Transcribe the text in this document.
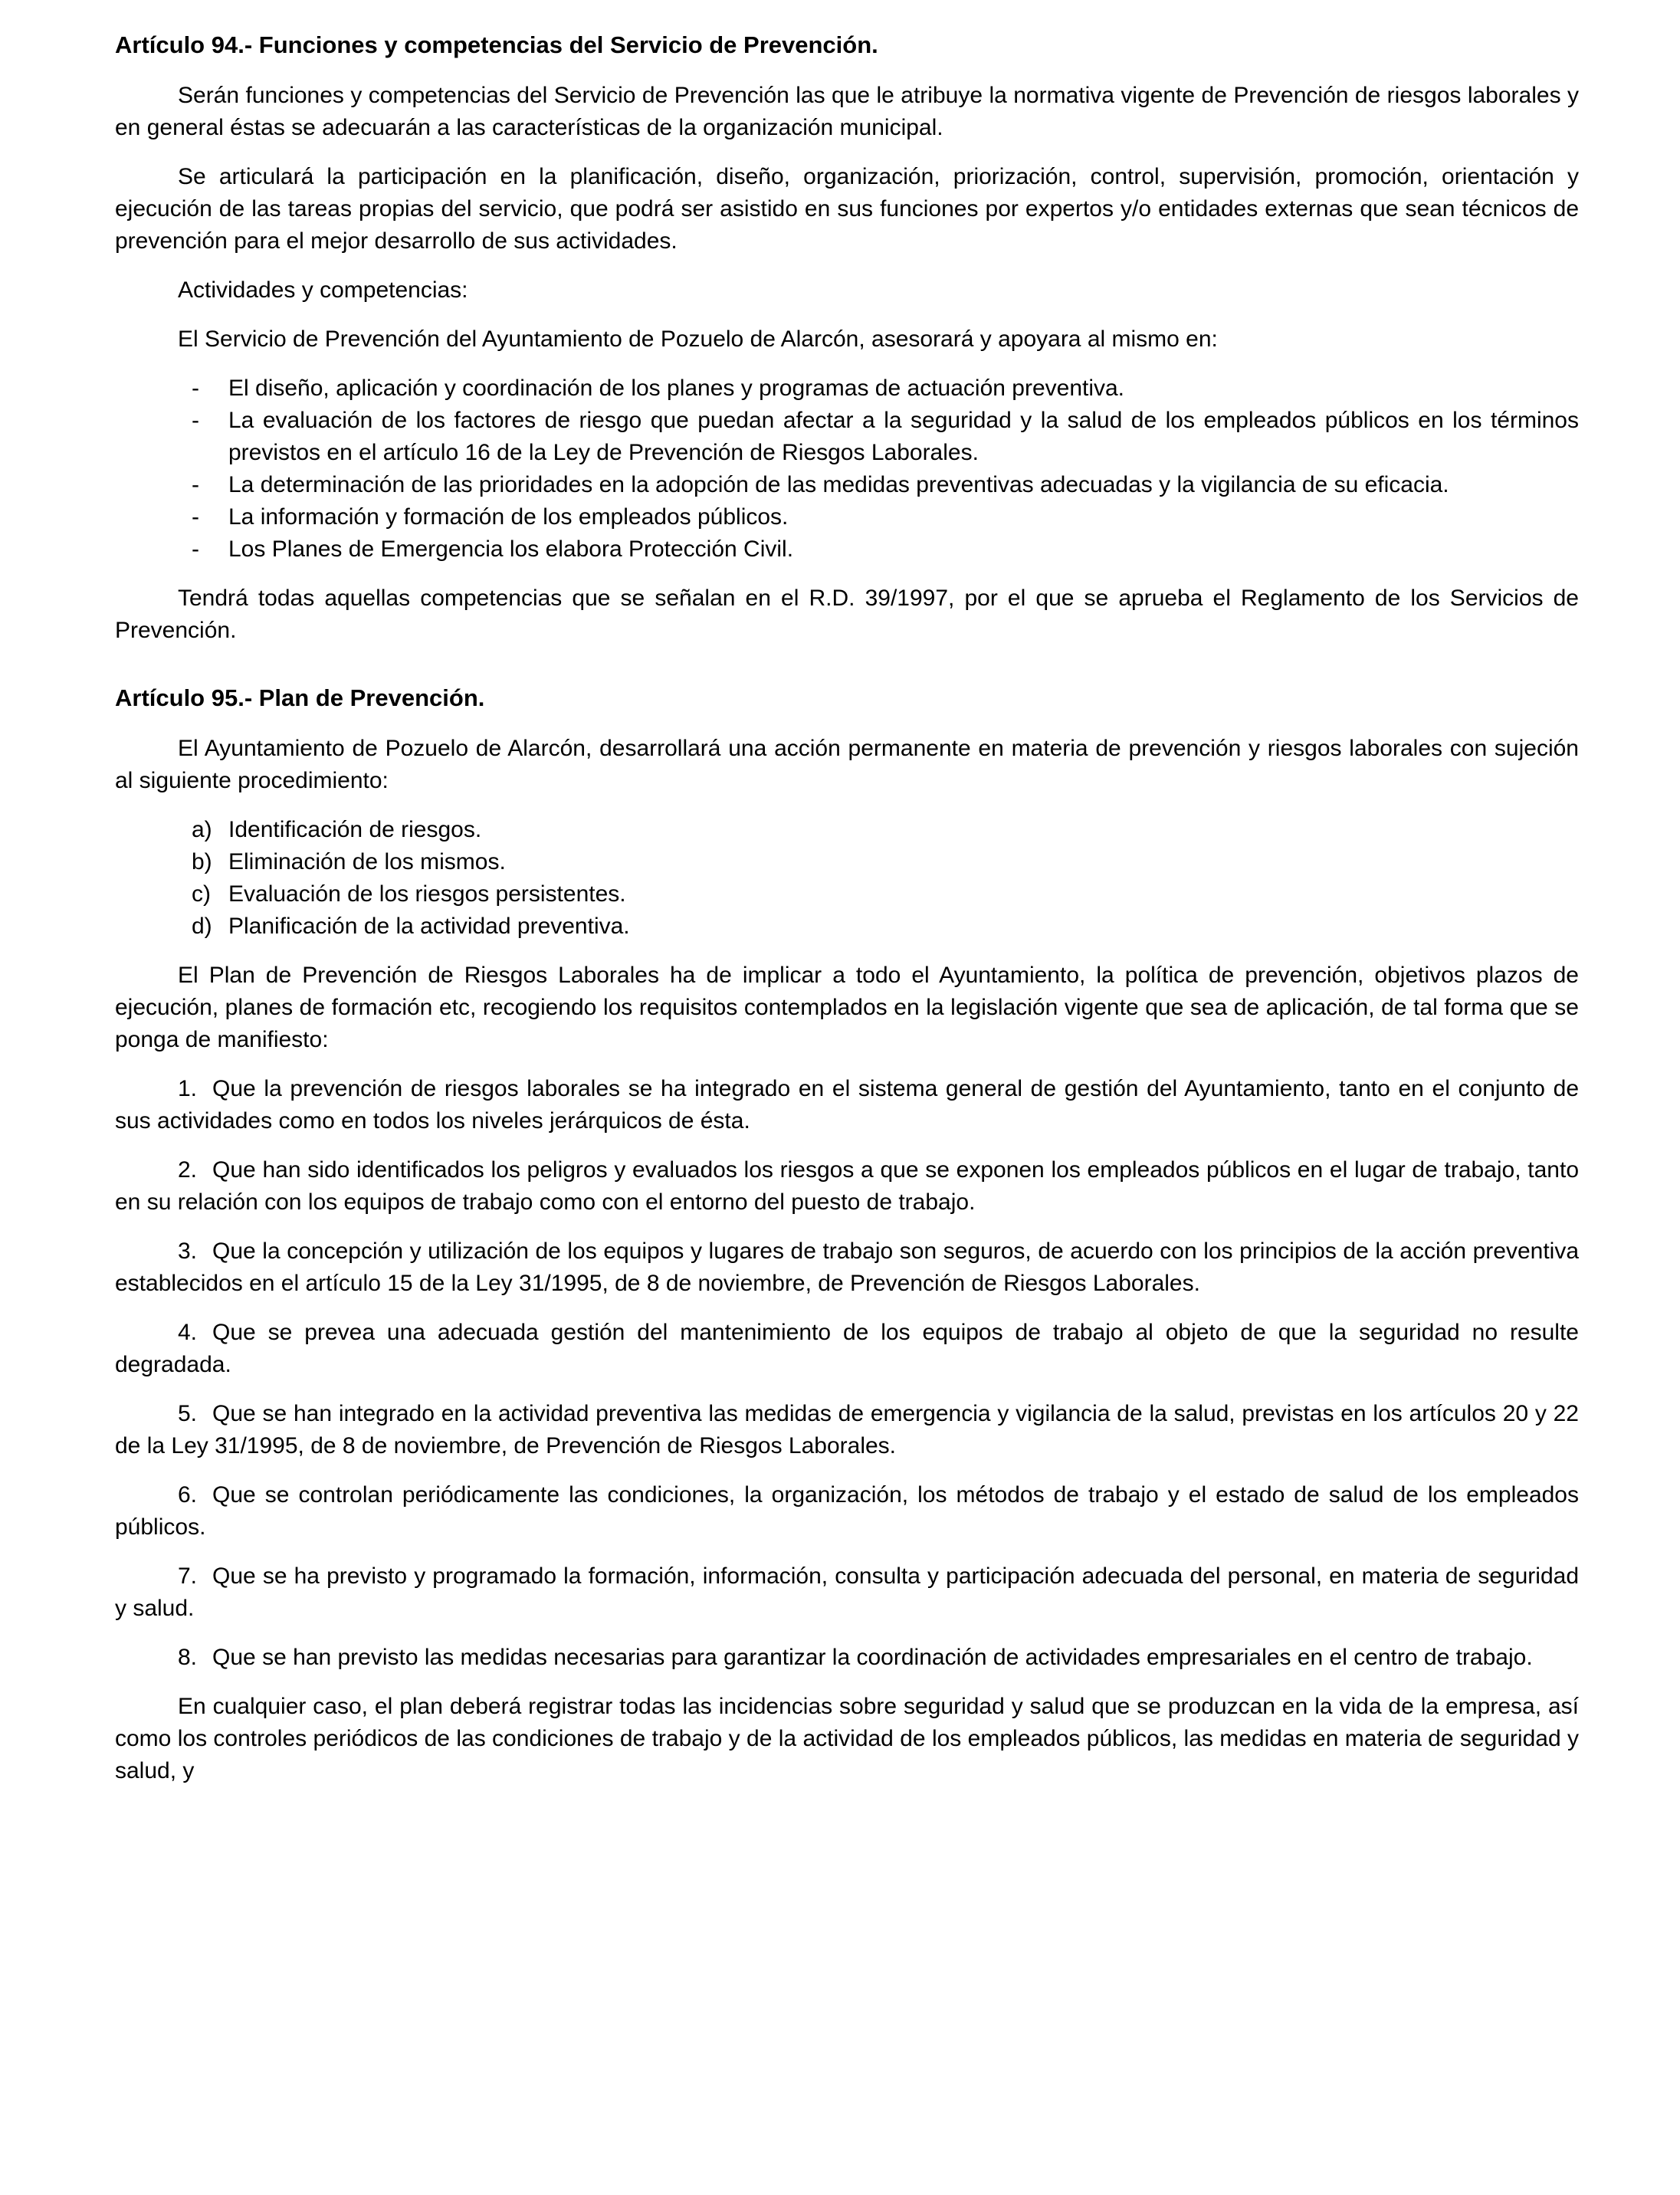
Artículo 94.- Funciones y competencias del Servicio de Prevención.

Serán funciones y competencias del Servicio de Prevención las que le atribuye la normativa vigente de Prevención de riesgos laborales y en general éstas se adecuarán a las características de la organización municipal.

Se articulará la participación en la planificación, diseño, organización, priorización, control, supervisión, promoción, orientación y ejecución de las tareas propias del servicio, que podrá ser asistido en sus funciones por expertos y/o entidades externas que sean técnicos de prevención para el mejor desarrollo de sus actividades.

Actividades y competencias:

El Servicio de Prevención del Ayuntamiento de Pozuelo de Alarcón, asesorará y apoyara al mismo en:

- El diseño, aplicación y coordinación de los planes y programas de actuación preventiva.
- La evaluación de los factores de riesgo que puedan afectar a la seguridad y la salud de los empleados públicos en los términos previstos en el artículo 16 de la Ley de Prevención de Riesgos Laborales.
- La determinación de las prioridades en la adopción de las medidas preventivas adecuadas y la vigilancia de su eficacia.
- La información y formación de los empleados públicos.
- Los Planes de Emergencia los elabora Protección Civil.

Tendrá todas aquellas competencias que se señalan en el R.D. 39/1997, por el que se aprueba el Reglamento de los Servicios de Prevención.

Artículo 95.- Plan de Prevención.

El Ayuntamiento de Pozuelo de Alarcón, desarrollará una acción permanente en materia de prevención y riesgos laborales con sujeción al siguiente procedimiento:

a) Identificación de riesgos.
b) Eliminación de los mismos.
c) Evaluación de los riesgos persistentes.
d) Planificación de la actividad preventiva.

El Plan de Prevención de Riesgos Laborales ha de implicar a todo el Ayuntamiento, la política de prevención, objetivos plazos de ejecución, planes de formación etc, recogiendo los requisitos contemplados en la legislación vigente que sea de aplicación, de tal forma que se ponga de manifiesto:

1. Que la prevención de riesgos laborales se ha integrado en el sistema general de gestión del Ayuntamiento, tanto en el conjunto de sus actividades como en todos los niveles jerárquicos de ésta.

2. Que han sido identificados los peligros y evaluados los riesgos a que se exponen los empleados públicos en el lugar de trabajo, tanto en su relación con los equipos de trabajo como con el entorno del puesto de trabajo.

3. Que la concepción y utilización de los equipos y lugares de trabajo son seguros, de acuerdo con los principios de la acción preventiva establecidos en el artículo 15 de la Ley 31/1995, de 8 de noviembre, de Prevención de Riesgos Laborales.

4. Que se prevea una adecuada gestión del mantenimiento de los equipos de trabajo al objeto de que la seguridad no resulte degradada.

5. Que se han integrado en la actividad preventiva las medidas de emergencia y vigilancia de la salud, previstas en los artículos 20 y 22 de la Ley 31/1995, de 8 de noviembre, de Prevención de Riesgos Laborales.

6. Que se controlan periódicamente las condiciones, la organización, los métodos de trabajo y el estado de salud de los empleados públicos.

7. Que se ha previsto y programado la formación, información, consulta y participación adecuada del personal, en materia de seguridad y salud.

8. Que se han previsto las medidas necesarias para garantizar la coordinación de actividades empresariales en el centro de trabajo.

En cualquier caso, el plan deberá registrar todas las incidencias sobre seguridad y salud que se produzcan en la vida de la empresa, así como los controles periódicos de las condiciones de trabajo y de la actividad de los empleados públicos, las medidas en materia de seguridad y salud, y
